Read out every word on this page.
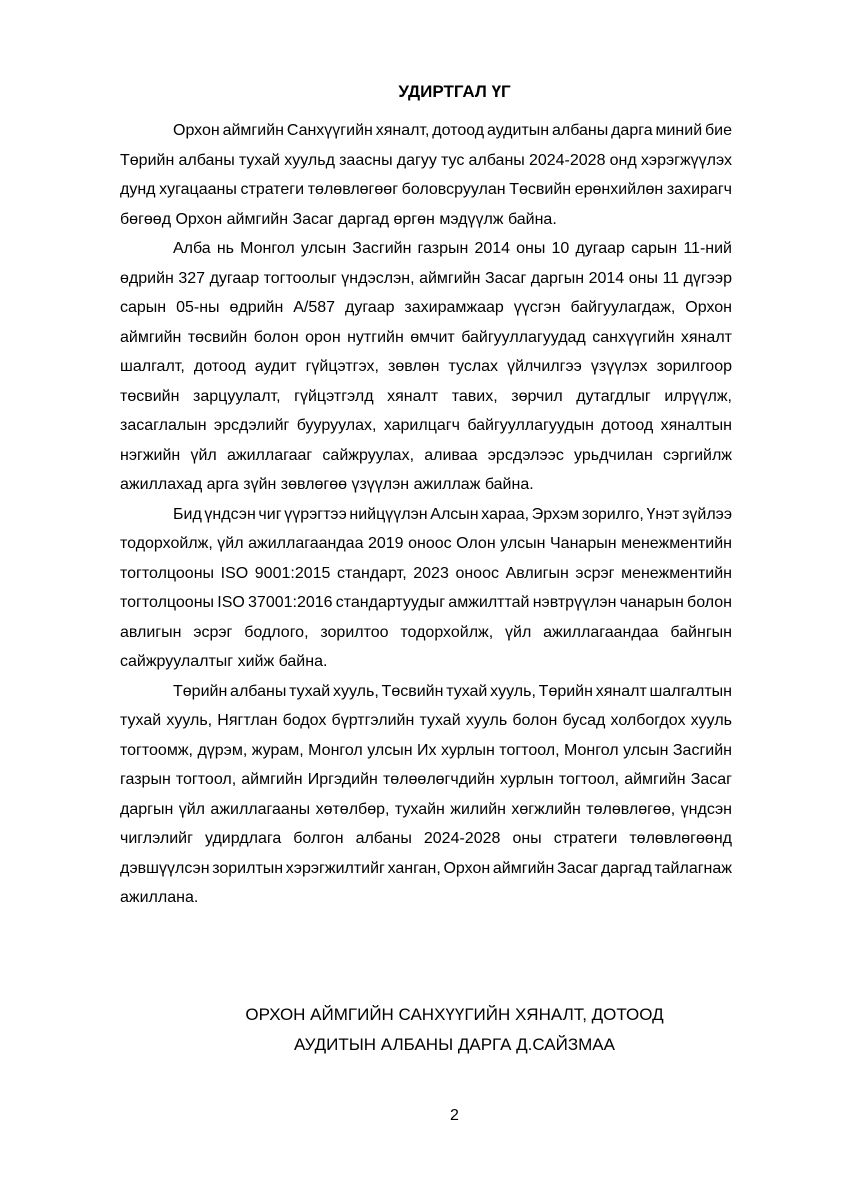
УДИРТГАЛ ҮГ
Орхон аймгийн Санхүүгийн хяналт, дотоод аудитын албаны дарга миний бие
Төрийн албаны тухай хуульд заасны дагуу тус албаны 2024-2028 онд хэрэгжүүлэх
дунд хугацааны стратеги төлөвлөгөөг боловсруулан Төсвийн ерөнхийлөн захирагч
бөгөөд Орхон аймгийн Засаг даргад өргөн мэдүүлж байна.
Алба нь Монгол улсын Засгийн газрын 2014 оны 10 дугаар сарын 11-ний
өдрийн 327 дугаар тогтоолыг үндэслэн, аймгийн Засаг даргын 2014 оны 11 дүгээр
сарын 05-ны өдрийн А/587 дугаар захирамжаар үүсгэн байгуулагдаж, Орхон
аймгийн төсвийн болон орон нутгийн өмчит байгууллагуудад санхүүгийн хяналт
шалгалт, дотоод аудит гүйцэтгэх, зөвлөн туслах үйлчилгээ үзүүлэх зорилгоор
төсвийн зарцуулалт, гүйцэтгэлд хяналт тавих, зөрчил дутагдлыг илрүүлж,
засаглалын эрсдэлийг бууруулах, харилцагч байгууллагуудын дотоод хяналтын
нэгжийн үйл ажиллагааг сайжруулах, аливаа эрсдэлээс урьдчилан сэргийлж
ажиллахад арга зүйн зөвлөгөө үзүүлэн ажиллаж байна.
Бид үндсэн чиг үүрэгтээ нийцүүлэн Алсын хараа, Эрхэм зорилго, Үнэт зүйлээ
тодорхойлж, үйл ажиллагаандаа 2019 оноос Олон улсын Чанарын менежментийн
тогтолцооны ISO 9001:2015 стандарт, 2023 оноос Авлигын эсрэг менежментийн
тогтолцооны ISO 37001:2016 стандартуудыг амжилттай нэвтрүүлэн чанарын болон
авлигын эсрэг бодлого, зорилтоо тодорхойлж, үйл ажиллагаандаа байнгын
сайжруулалтыг хийж байна.
Төрийн албаны тухай хууль, Төсвийн тухай хууль, Төрийн хяналт шалгалтын
тухай хууль, Нягтлан бодох бүртгэлийн тухай хууль болон бусад холбогдох хууль
тогтоомж, дүрэм, журам, Монгол улсын Их хурлын тогтоол, Монгол улсын Засгийн
газрын тогтоол, аймгийн Иргэдийн төлөөлөгчдийн хурлын тогтоол, аймгийн Засаг
даргын үйл ажиллагааны хөтөлбөр, тухайн жилийн хөгжлийн төлөвлөгөө, үндсэн
чиглэлийг удирдлага болгон албаны 2024-2028 оны стратеги төлөвлөгөөнд
дэвшүүлсэн зорилтын хэрэгжилтийг ханган, Орхон аймгийн Засаг даргад тайлагнаж
ажиллана.
ОРХОН АЙМГИЙН САНХҮҮГИЙН ХЯНАЛТ, ДОТООД
АУДИТЫН АЛБАНЫ ДАРГА Д.САЙЗМАА
2
